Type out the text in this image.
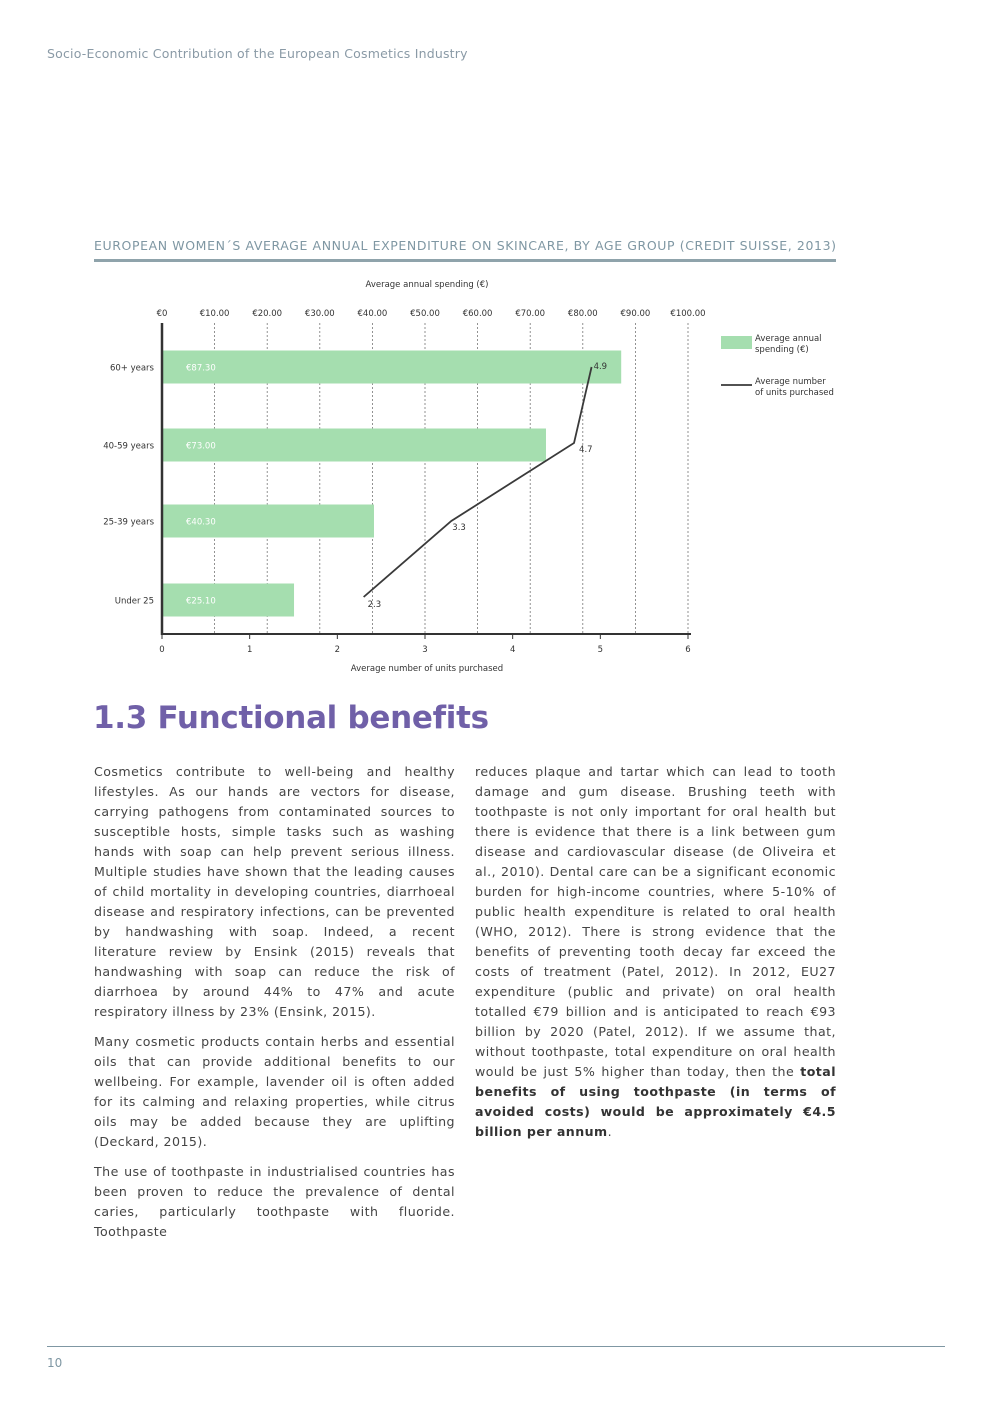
Socio-Economic Contribution of the European Cosmetics Industry
EUROPEAN WOMEN´S AVERAGE ANNUAL EXPENDITURE ON SKINCARE, BY AGE GROUP (CREDIT SUISSE, 2013)
Average annual spending (€)
Average number of units purchased
€0	€10.00	€20.00	€30.00	€40.00	€50.00	€60.00	€70.00	€80.00	€90.00 €100.00
0	1	2	3	4	5	6
€87.30
60+ years
€73.00
40-59 years
€40.30
25-39 years
€25.10
Under 25
4.9
4.7
3.3
2.3
Average annual
spending (€)
Average number
of units purchased
1.3 Functional benefits

Cosmetics contribute to well-being and healthy lifestyles. As our hands are vectors for disease, carrying pathogens from contaminated sources to susceptible hosts, simple tasks such as washing hands with soap can help prevent serious illness. Multiple studies have shown that the leading causes of child mortality in developing countries, diarrhoeal disease and respiratory infections, can be prevented by handwashing with soap. Indeed, a recent literature review by Ensink (2015) reveals that handwashing with soap can reduce the risk of diarrhoea by around 44% to 47% and acute respiratory illness by 23% (Ensink, 2015).

Many cosmetic products contain herbs and essential oils that can provide additional benefits to our wellbeing. For example, lavender oil is often added for its calming and relaxing properties, while citrus oils may be added because they are uplifting (Deckard, 2015).

The use of toothpaste in industrialised countries has been proven to reduce the prevalence of dental caries, particularly toothpaste with fluoride. Toothpaste

reduces plaque and tartar which can lead to tooth damage and gum disease. Brushing teeth with toothpaste is not only important for oral health but there is evidence that there is a link between gum disease and cardiovascular disease (de Oliveira et al., 2010). Dental care can be a significant economic burden for high-income countries, where 5-10% of public health expenditure is related to oral health (WHO, 2012). There is strong evidence that the benefits of preventing tooth decay far exceed the costs of treatment (Patel, 2012). In 2012, EU27 expenditure (public and private) on oral health totalled €79 billion and is anticipated to reach €93 billion by 2020 (Patel, 2012). If we assume that, without toothpaste, total expenditure on oral health would be just 5% higher than today, then the total benefits of using toothpaste (in terms of avoided costs) would be approximately €4.5 billion per annum.

10
